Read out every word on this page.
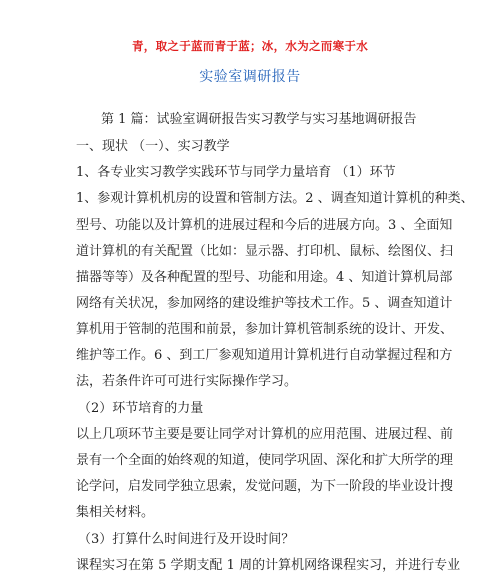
青，取之于蓝而青于蓝；冰，水为之而寒于水
实验室调研报告
第 1 篇：试验室调研报告实习教学与实习基地调研报告
一、现状 （一）、实习教学
1、各专业实习教学实践环节与同学力量培育 （1）环节
1、参观计算机机房的设置和管制方法。2 、调查知道计算机的种类、
型号、功能以及计算机的进展过程和今后的进展方向。3 、全面知
道计算机的有关配置（比如：显示器、打印机、鼠标、绘图仪、扫
描器等等）及各种配置的型号、功能和用途。4 、知道计算机局部
网络有关状况，参加网络的建设维护等技术工作。5 、调查知道计
算机用于管制的范围和前景，参加计算机管制系统的设计、开发、
维护等工作。6 、到工厂参观知道用计算机进行自动掌握过程和方
法，若条件许可可进行实际操作学习。
（2）环节培育的力量
以上几项环节主要是要让同学对计算机的应用范围、进展过程、前
景有一个全面的始终观的知道，使同学巩固、深化和扩大所学的理
论学问，启发同学独立思索，发觉问题，为下一阶段的毕业设计搜
集相关材料。
（3）打算什么时间进行及开设时间？
课程实习在第 5 学期支配 1 周的计算机网络课程实习，并进行专业
